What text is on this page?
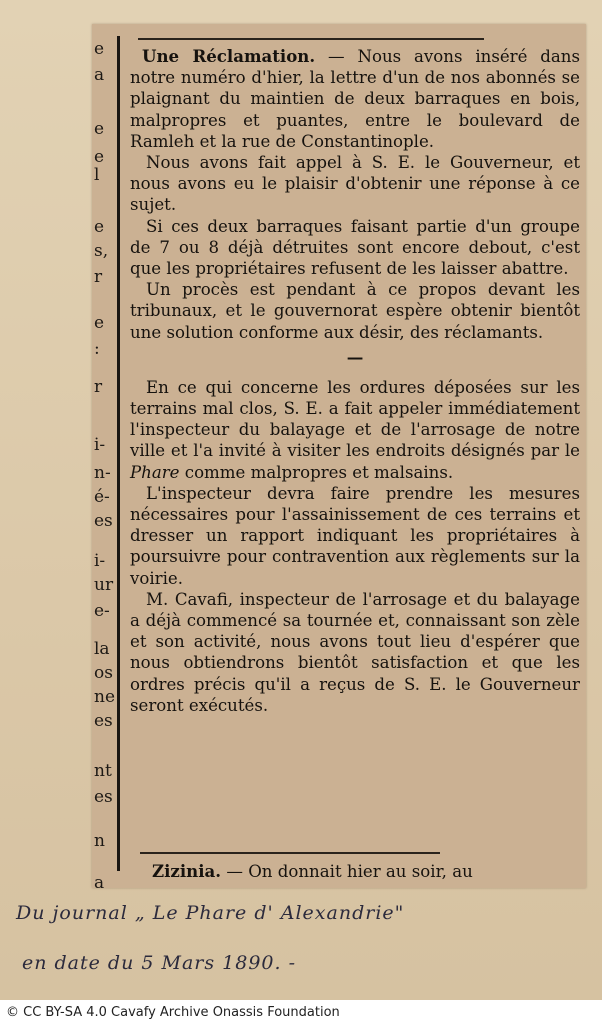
e
a
e
e
l
e
s,
r
e
:
r
i-
n-
é-
es
i-
ur
e-
la
os
ne
es
nt
es
n
a

Une Réclamation. — Nous avons inséré dans notre numéro d'hier, la lettre d'un de nos abonnés se plaignant du maintien de deux barraques en bois, malpropres et puantes, entre le boulevard de Ramleh et la rue de Constantinople.

Nous avons fait appel à S. E. le Gouverneur, et nous avons eu le plaisir d'obtenir une réponse à ce sujet.

Si ces deux barraques faisant partie d'un groupe de 7 ou 8 déjà détruites sont encore debout, c'est que les propriétaires refusent de les laisser abattre.

Un procès est pendant à ce propos devant les tribunaux, et le gouvernorat espère obtenir bientôt une solution conforme aux désir, des réclamants.

—

En ce qui concerne les ordures déposées sur les terrains mal clos, S. E. a fait appeler immédiatement l'inspecteur du balayage et de l'arrosage de notre ville et l'a invité à visiter les endroits désignés par le Phare comme malpropres et malsains.

L'inspecteur devra faire prendre les mesures nécessaires pour l'assainissement de ces terrains et dresser un rapport indiquant les propriétaires à poursuivre pour contravention aux règlements sur la voirie.

M. Cavafi, inspecteur de l'arrosage et du balayage a déjà commencé sa tournée et, connaissant son zèle et son activité, nous avons tout lieu d'espérer que nous obtiendrons bientôt satisfaction et que les ordres précis qu'il a reçus de S. E. le Gouverneur seront exécutés.

Zizinia. — On donnait hier au soir, au
Du journal „ Le Phare d' Alexandrie"
en date du 5 Mars 1890. -
© CC BY-SA 4.0 Cavafy Archive Onassis Foundation
